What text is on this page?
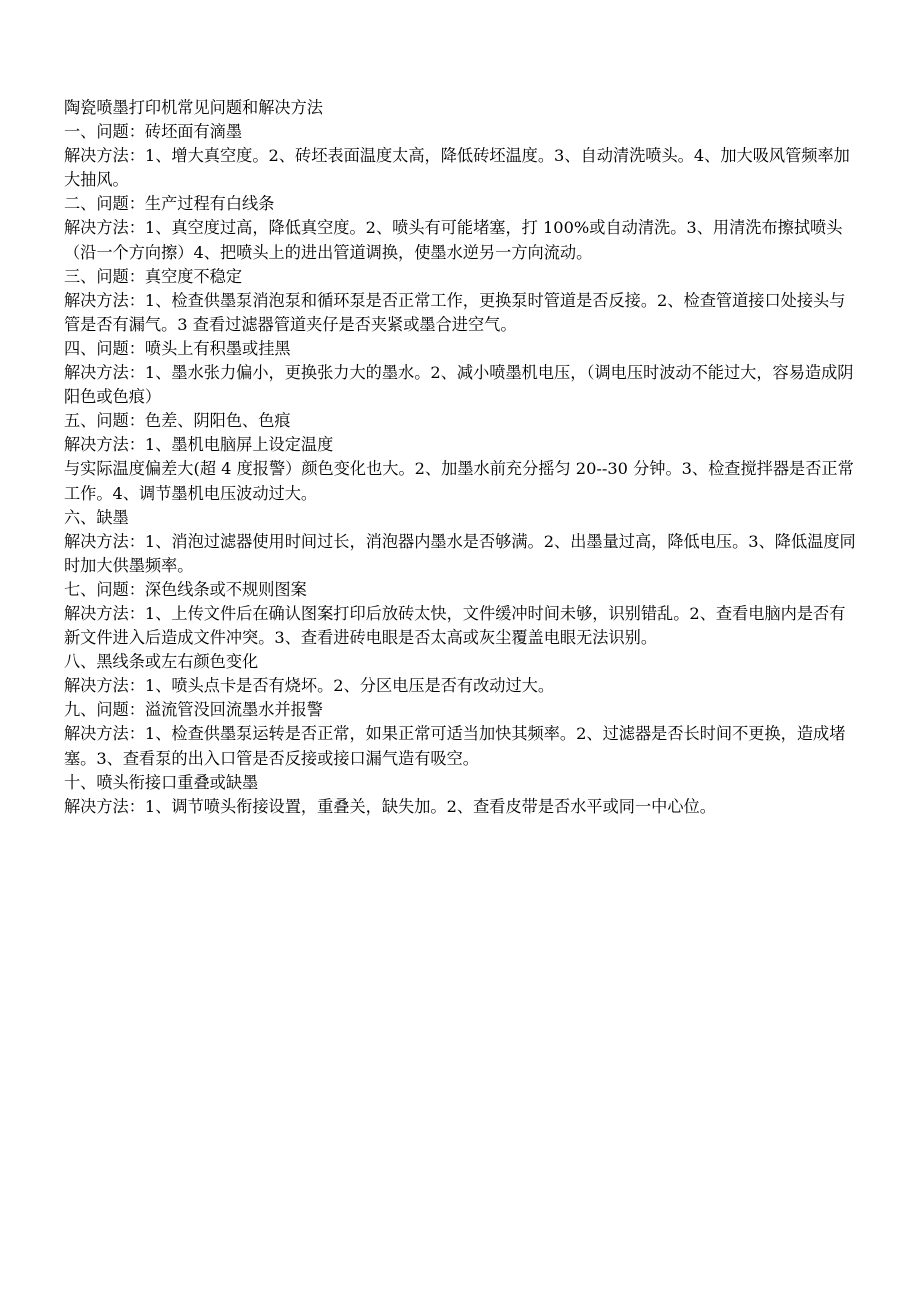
陶瓷喷墨打印机常见问题和解决方法
一、问题：砖坯面有滴墨
解决方法：1、增大真空度。2、砖坯表面温度太高，降低砖坯温度。3、自动清洗喷头。4、加大吸风管频率加大抽风。
二、问题：生产过程有白线条
解决方法：1、真空度过高，降低真空度。2、喷头有可能堵塞，打 100%或自动清洗。3、用清洗布擦拭喷头（沿一个方向擦）4、把喷头上的进出管道调换，使墨水逆另一方向流动。
三、问题：真空度不稳定
解决方法：1、检查供墨泵消泡泵和循环泵是否正常工作，更换泵时管道是否反接。2、检查管道接口处接头与管是否有漏气。3 查看过滤器管道夹仔是否夹紧或墨合进空气。
四、问题：喷头上有积墨或挂黑
解决方法：1、墨水张力偏小，更换张力大的墨水。2、减小喷墨机电压，（调电压时波动不能过大，容易造成阴阳色或色痕）
五、问题：色差、阴阳色、色痕
解决方法：1、墨机电脑屏上设定温度
与实际温度偏差大(超 4 度报警）颜色变化也大。2、加墨水前充分摇匀 20--30 分钟。3、检查搅拌器是否正常工作。4、调节墨机电压波动过大。
六、缺墨
解决方法：1、消泡过滤器使用时间过长，消泡器内墨水是否够满。2、出墨量过高，降低电压。3、降低温度同时加大供墨频率。
七、问题：深色线条或不规则图案
解决方法：1、上传文件后在确认图案打印后放砖太快，文件缓冲时间未够，识别错乱。2、查看电脑内是否有新文件进入后造成文件冲突。3、查看进砖电眼是否太高或灰尘覆盖电眼无法识别。
八、黑线条或左右颜色变化
解决方法：1、喷头点卡是否有烧坏。2、分区电压是否有改动过大。
九、问题：溢流管没回流墨水并报警
解决方法：1、检查供墨泵运转是否正常，如果正常可适当加快其频率。2、过滤器是否长时间不更换，造成堵塞。3、查看泵的出入口管是否反接或接口漏气造有吸空。
十、喷头衔接口重叠或缺墨
解决方法：1、调节喷头衔接设置，重叠关，缺失加。2、查看皮带是否水平或同一中心位。
